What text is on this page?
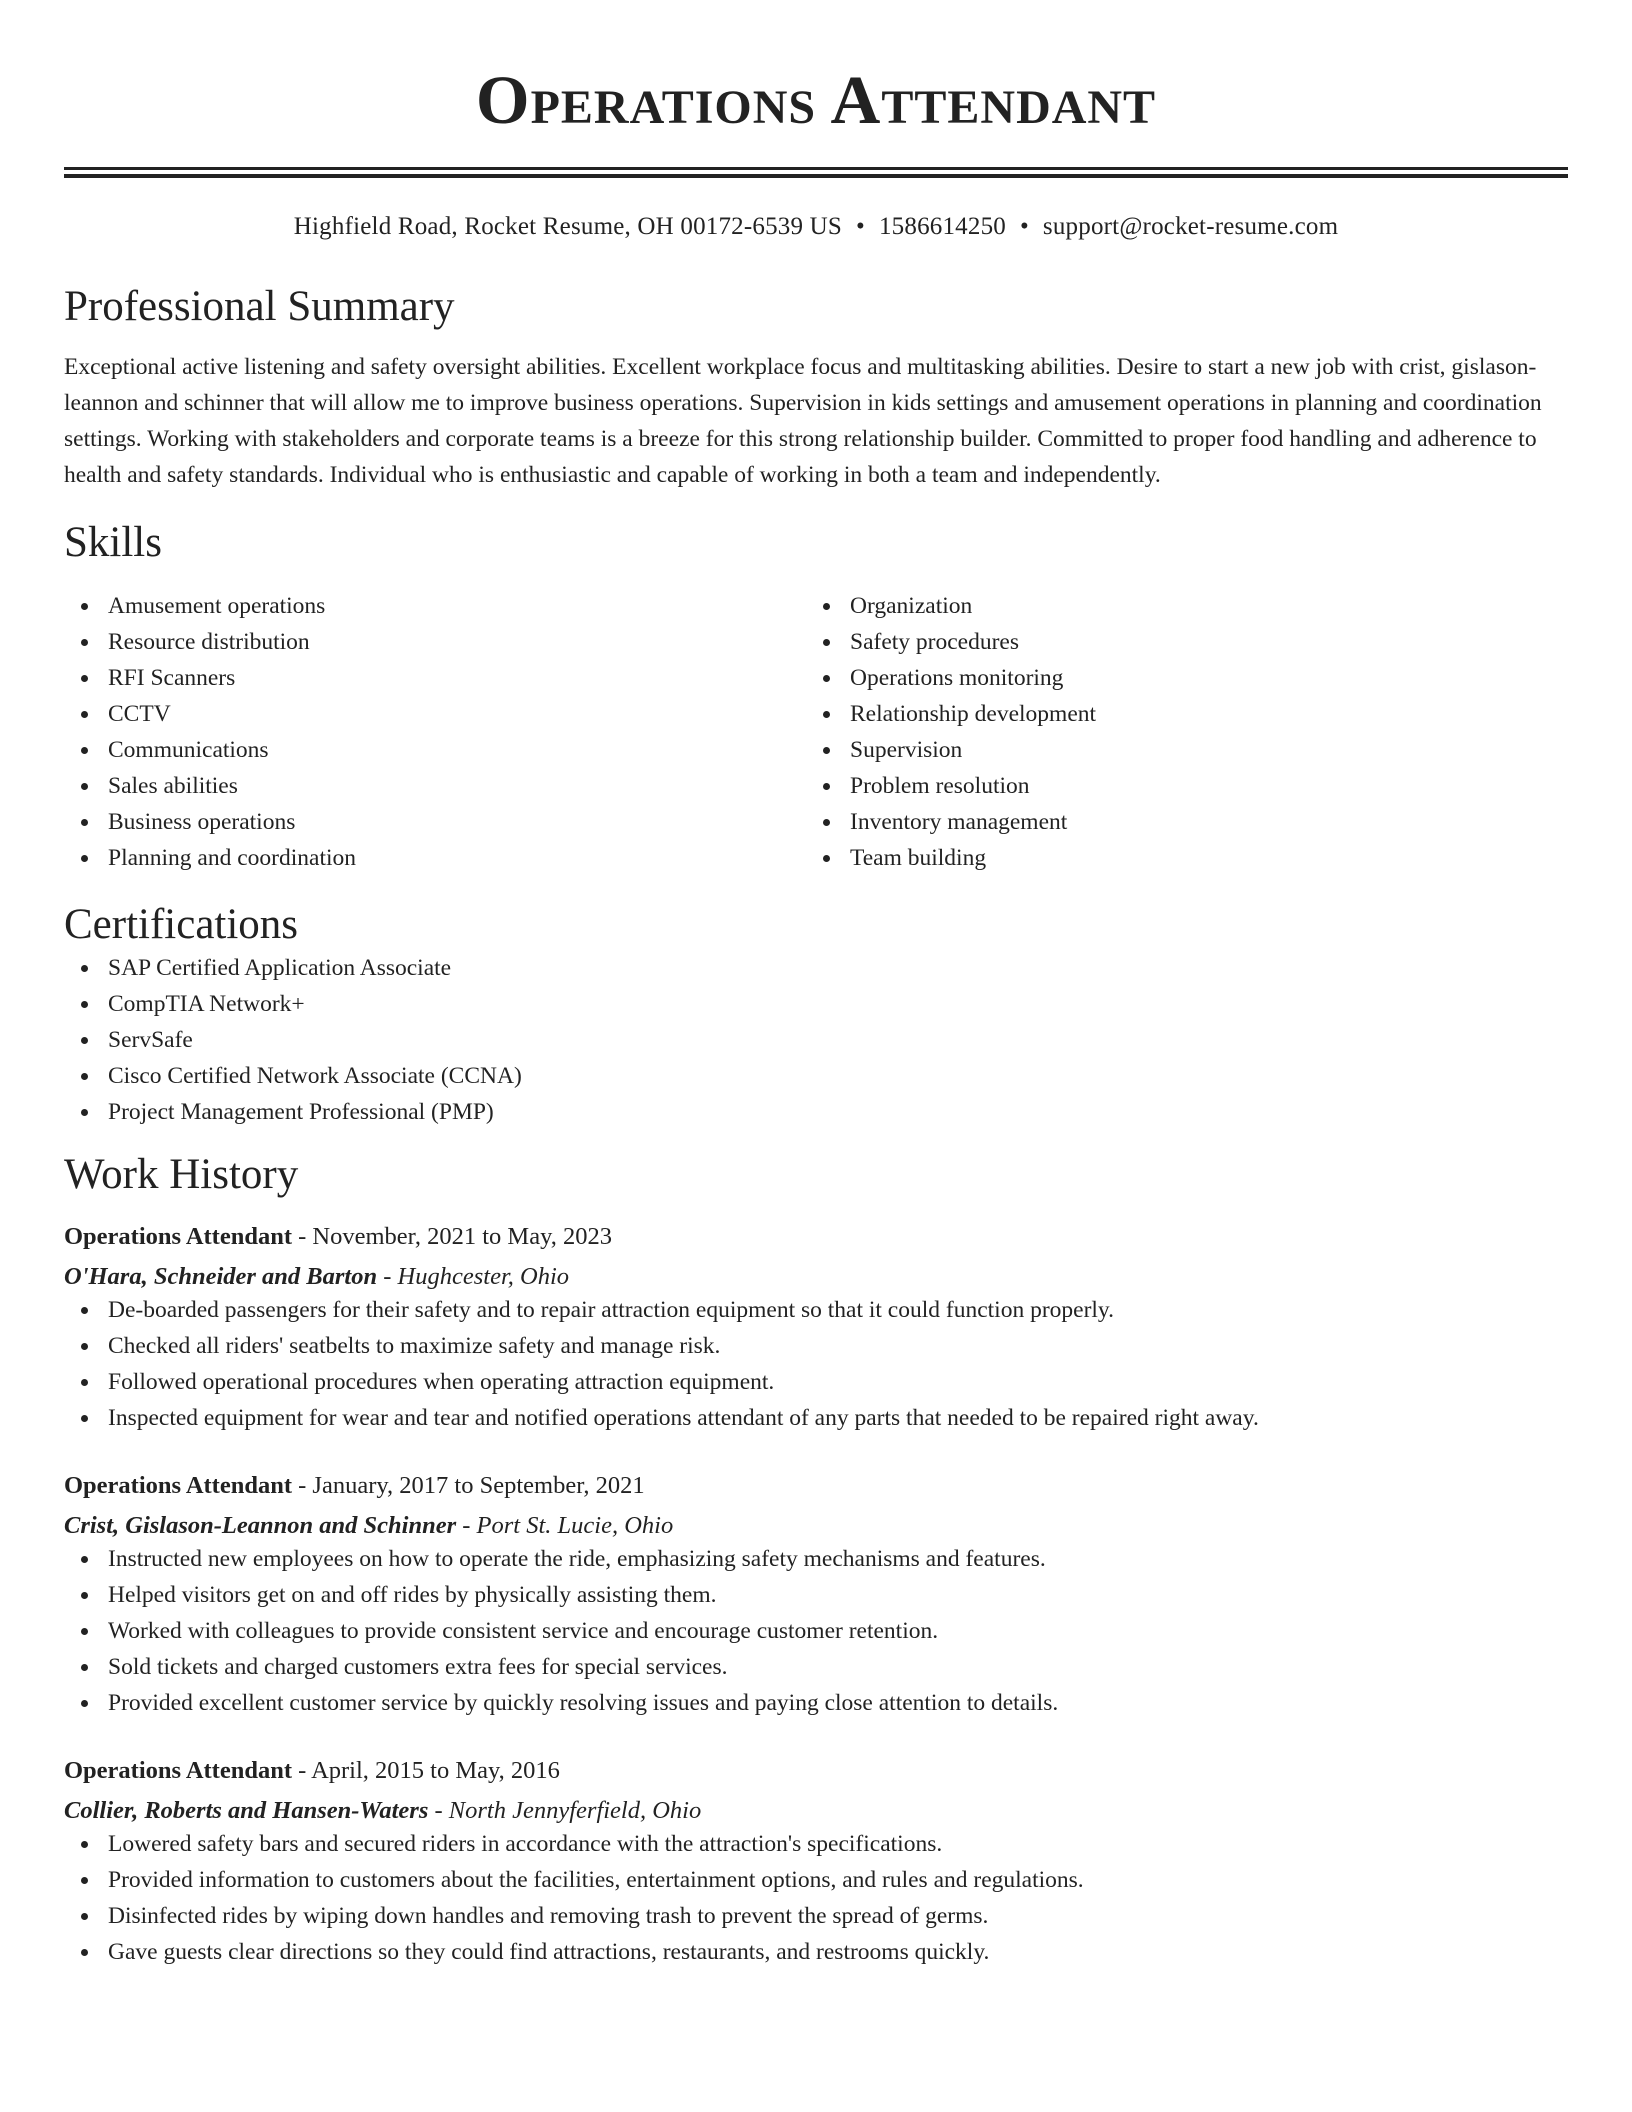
Operations Attendant
Highfield Road, Rocket Resume, OH 00172-6539 US • 1586614250 • support@rocket-resume.com
Professional Summary

Exceptional active listening and safety oversight abilities. Excellent workplace focus and multitasking abilities. Desire to start a new job with crist, gislason-leannon and schinner that will allow me to improve business operations. Supervision in kids settings and amusement operations in planning and coordination settings. Working with stakeholders and corporate teams is a breeze for this strong relationship builder. Committed to proper food handling and adherence to health and safety standards. Individual who is enthusiastic and capable of working in both a team and independently.

Skills
Amusement operations
Resource distribution
RFI Scanners
CCTV
Communications
Sales abilities
Business operations
Planning and coordination
Organization
Safety procedures
Operations monitoring
Relationship development
Supervision
Problem resolution
Inventory management
Team building
Certifications
SAP Certified Application Associate
CompTIA Network+
ServSafe
Cisco Certified Network Associate (CCNA)
Project Management Professional (PMP)
Work History
Operations Attendant - November, 2021 to May, 2023
O'Hara, Schneider and Barton - Hughcester, Ohio
De-boarded passengers for their safety and to repair attraction equipment so that it could function properly.
Checked all riders' seatbelts to maximize safety and manage risk.
Followed operational procedures when operating attraction equipment.
Inspected equipment for wear and tear and notified operations attendant of any parts that needed to be repaired right away.
Operations Attendant - January, 2017 to September, 2021
Crist, Gislason-Leannon and Schinner - Port St. Lucie, Ohio
Instructed new employees on how to operate the ride, emphasizing safety mechanisms and features.
Helped visitors get on and off rides by physically assisting them.
Worked with colleagues to provide consistent service and encourage customer retention.
Sold tickets and charged customers extra fees for special services.
Provided excellent customer service by quickly resolving issues and paying close attention to details.
Operations Attendant - April, 2015 to May, 2016
Collier, Roberts and Hansen-Waters - North Jennyferfield, Ohio
Lowered safety bars and secured riders in accordance with the attraction's specifications.
Provided information to customers about the facilities, entertainment options, and rules and regulations.
Disinfected rides by wiping down handles and removing trash to prevent the spread of germs.
Gave guests clear directions so they could find attractions, restaurants, and restrooms quickly.
